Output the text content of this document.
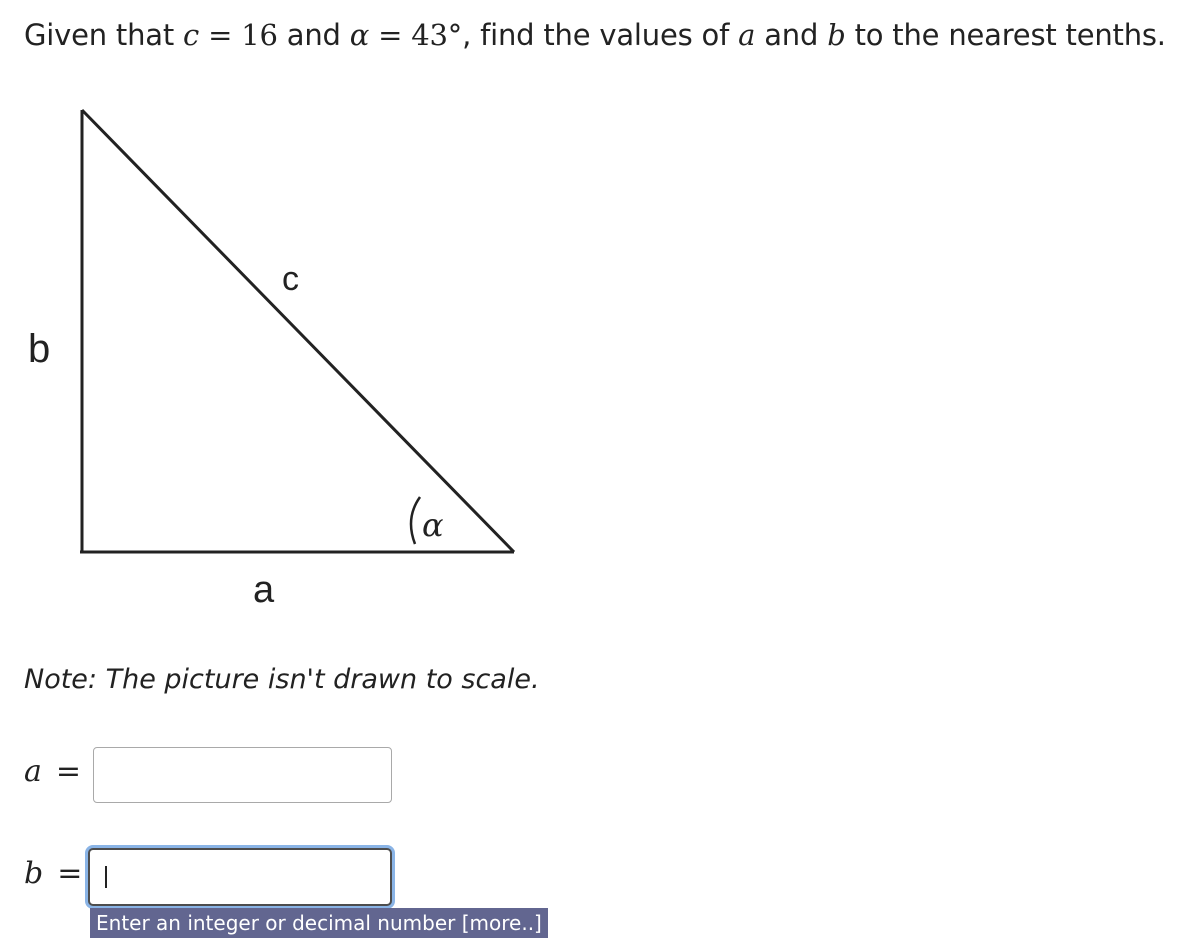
Given that c = 16 and α = 43°, find the values of a and b to the nearest tenths.
c
b
a
α
Note: The picture isn't drawn to scale.
a =
b =
Enter an integer or decimal number [more..]
